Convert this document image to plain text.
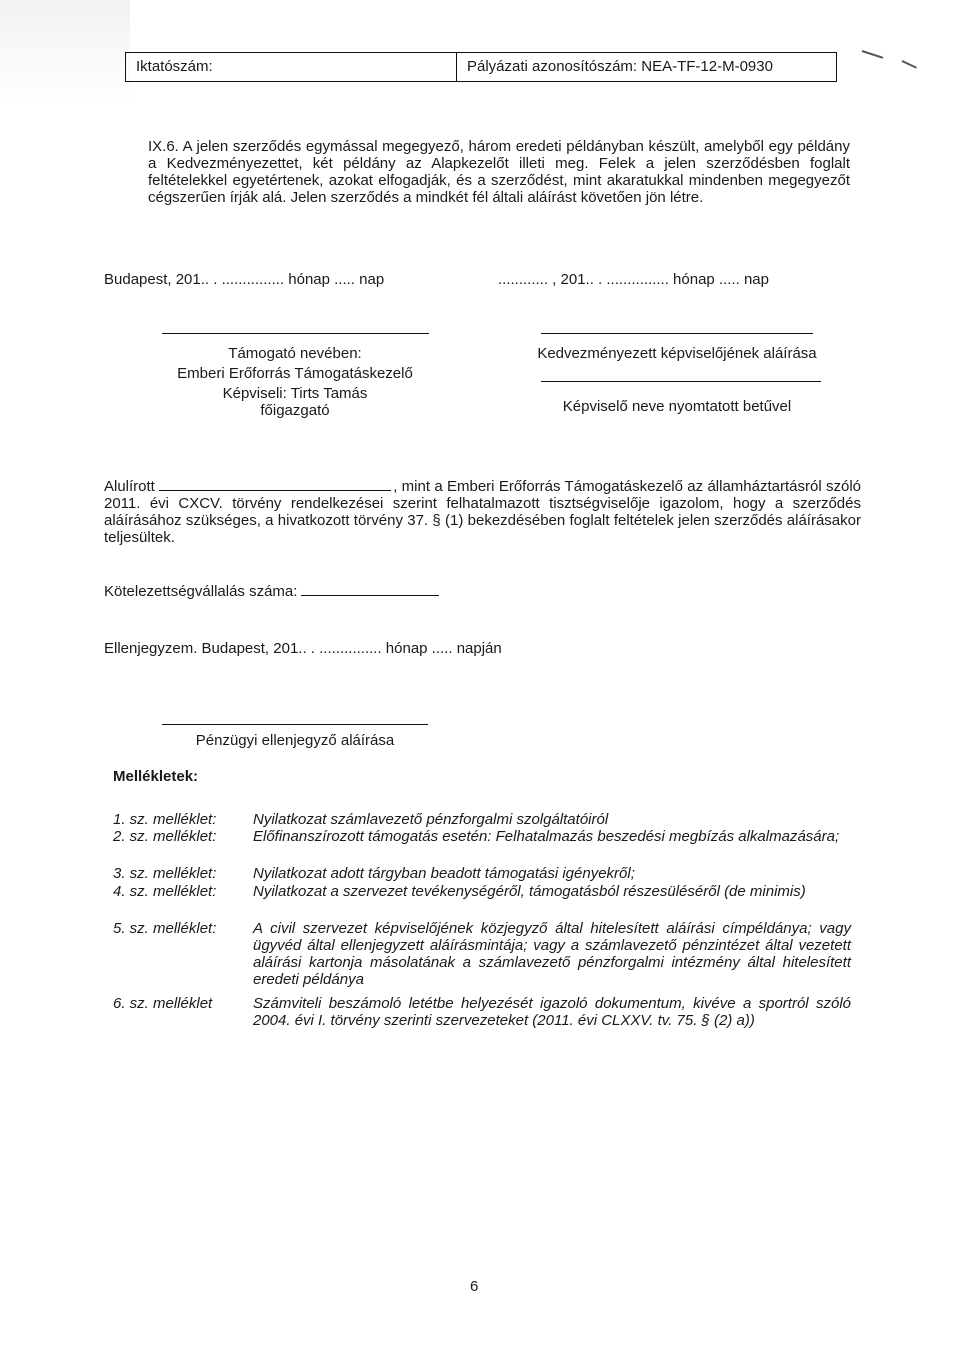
Iktatószám:	Pályázati azonosítószám: NEA-TF-12-M-0930

IX.6. A jelen szerződés egymással megegyező, három eredeti példányban készült, amelyből egy példány a Kedvezményezettet, két példány az Alapkezelőt illeti meg. Felek a jelen szerződésben foglalt feltételekkel egyetértenek, azokat elfogadják, és a szerződést, mint akaratukkal mindenben megegyezőt cégszerűen írják alá. Jelen szerződés a mindkét fél általi aláírást követően jön létre.

Budapest, 201.. . ............... hónap ..... nap	............ , 201.. . ............... hónap ..... nap
Támogató nevében:
Emberi Erőforrás Támogatáskezelő
Képviseli: Tirts Tamás
főigazgató
Kedvezményezett képviselőjének aláírása
Képviselő neve nyomtatott betűvel

Alulírott	, mint a Emberi Erőforrás Támogatáskezelő az államháztartásról szóló 2011. évi CXCV. törvény rendelkezései szerint felhatalmazott tisztségviselője igazolom, hogy a szerződés aláírásához szükséges, a hivatkozott törvény 37. § (1) bekezdésében foglalt feltételek jelen szerződés aláírásakor teljesültek.

Kötelezettségvállalás száma:
Ellenjegyzem. Budapest, 201.. . ............... hónap ..... napján
Pénzügyi ellenjegyző aláírása
Mellékletek:
1. sz. melléklet: Nyilatkozat számlavezető pénzforgalmi szolgáltatóiról
2. sz. melléklet: Előfinanszírozott támogatás esetén: Felhatalmazás beszedési megbízás alkalmazására;
3. sz. melléklet: Nyilatkozat adott tárgyban beadott támogatási igényekről;
4. sz. melléklet: Nyilatkozat a szervezet tevékenységéről, támogatásból részesüléséről (de minimis)
5. sz. melléklet: A civil szervezet képviselőjének közjegyző által hitelesített aláírási címpéldánya; vagy ügyvéd által ellenjegyzett aláírásmintája; vagy a számlavezető pénzintézet által vezetett aláírási kartonja másolatának a számlavezető pénzforgalmi intézmény által hitelesített eredeti példánya
6. sz. melléklet	Számviteli beszámoló letétbe helyezését igazoló dokumentum, kivéve a sportról szóló 2004. évi I. törvény szerinti szervezeteket (2011. évi CLXXV. tv. 75. § (2) a))
6
